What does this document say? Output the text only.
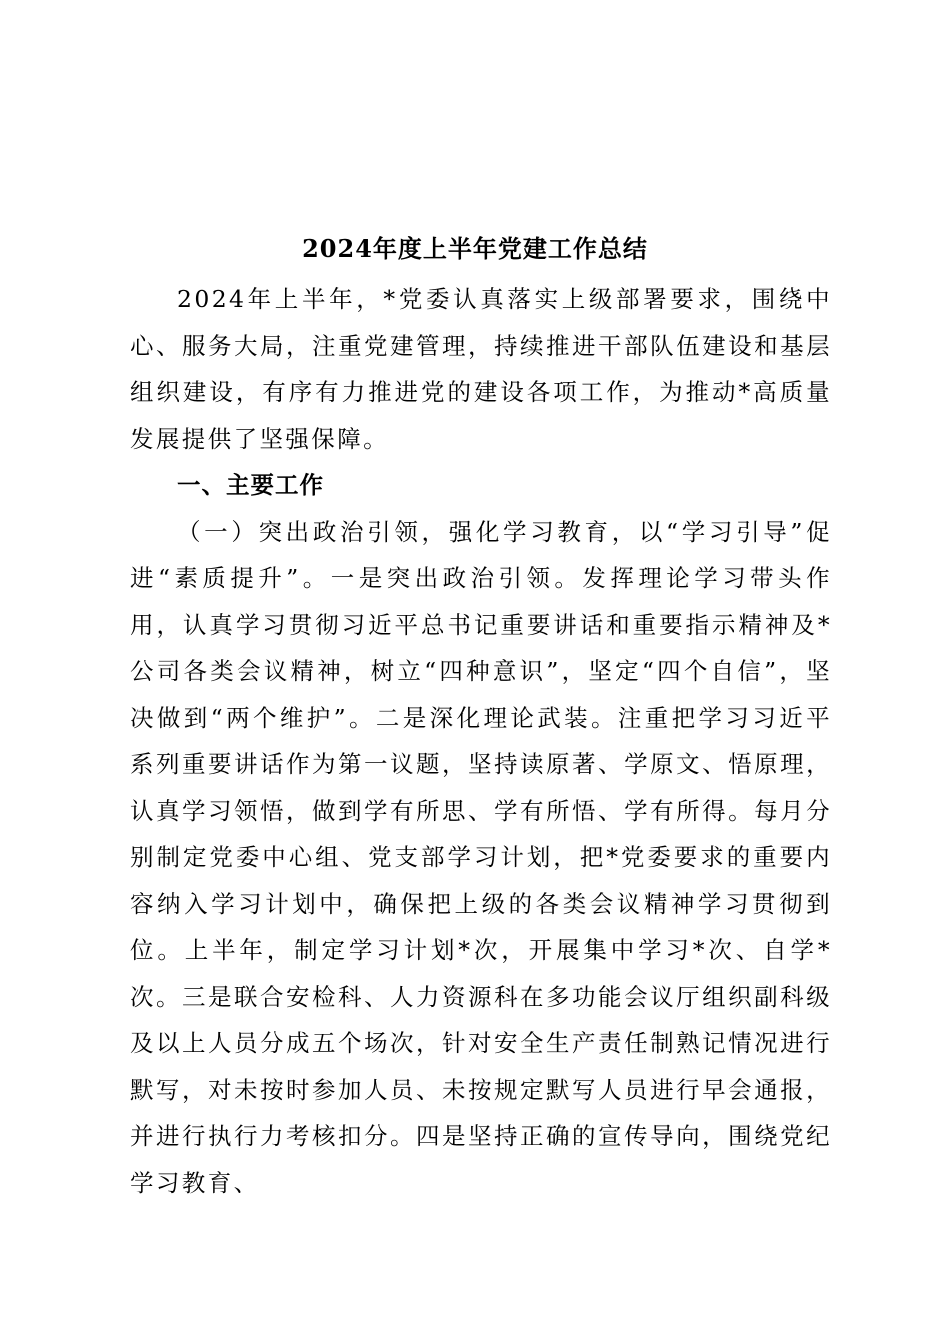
2024年度上半年党建工作总结

2024年上半年，*党委认真落实上级部署要求，围绕中心、服务大局，注重党建管理，持续推进干部队伍建设和基层组织建设，有序有力推进党的建设各项工作，为推动*高质量发展提供了坚强保障。

一、主要工作

（一）突出政治引领，强化学习教育，以“学习引导”促进“素质提升”。一是突出政治引领。发挥理论学习带头作用，认真学习贯彻习近平总书记重要讲话和重要指示精神及*公司各类会议精神，树立“四种意识”，坚定“四个自信”，坚决做到“两个维护”。二是深化理论武装。注重把学习习近平系列重要讲话作为第一议题，坚持读原著、学原文、悟原理，认真学习领悟，做到学有所思、学有所悟、学有所得。每月分别制定党委中心组、党支部学习计划，把*党委要求的重要内容纳入学习计划中，确保把上级的各类会议精神学习贯彻到位。上半年，制定学习计划*次，开展集中学习*次、自学*次。三是联合安检科、人力资源科在多功能会议厅组织副科级及以上人员分成五个场次，针对安全生产责任制熟记情况进行默写，对未按时参加人员、未按规定默写人员进行早会通报，并进行执行力考核扣分。四是坚持正确的宣传导向，围绕党纪学习教育、
